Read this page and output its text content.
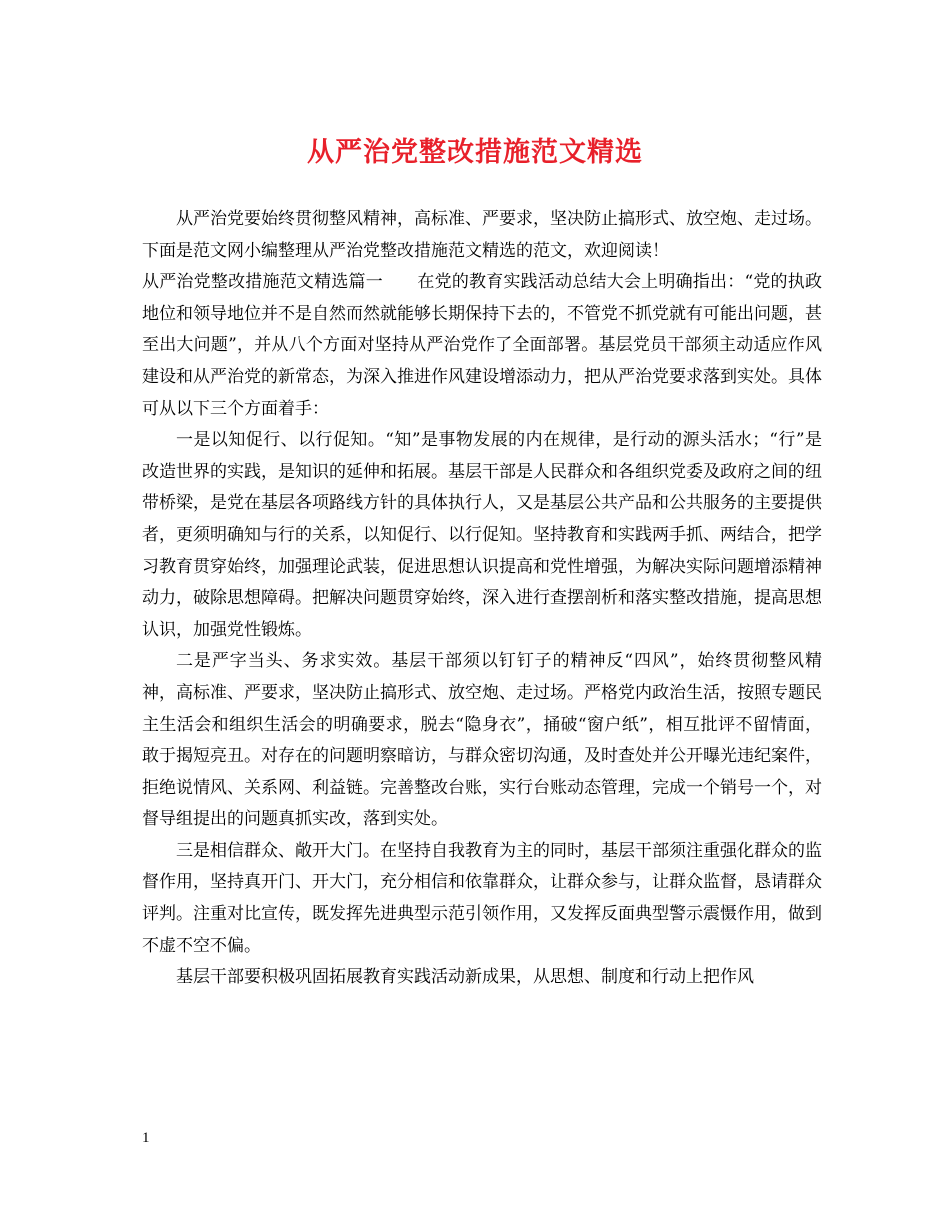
从严治党整改措施范文精选

从严治党要始终贯彻整风精神，高标准、严要求，坚决防止搞形式、放空炮、走过场。下面是范文网小编整理从严治党整改措施范文精选的范文，欢迎阅读！

从严治党整改措施范文精选篇一　　在党的教育实践活动总结大会上明确指出：“党的执政地位和领导地位并不是自然而然就能够长期保持下去的，不管党不抓党就有可能出问题，甚至出大问题”，并从八个方面对坚持从严治党作了全面部署。基层党员干部须主动适应作风建设和从严治党的新常态，为深入推进作风建设增添动力，把从严治党要求落到实处。具体可从以下三个方面着手：

一是以知促行、以行促知。“知”是事物发展的内在规律，是行动的源头活水；“行”是改造世界的实践，是知识的延伸和拓展。基层干部是人民群众和各组织党委及政府之间的纽带桥梁，是党在基层各项路线方针的具体执行人，又是基层公共产品和公共服务的主要提供者，更须明确知与行的关系，以知促行、以行促知。坚持教育和实践两手抓、两结合，把学习教育贯穿始终，加强理论武装，促进思想认识提高和党性增强，为解决实际问题增添精神动力，破除思想障碍。把解决问题贯穿始终，深入进行查摆剖析和落实整改措施，提高思想认识，加强党性锻炼。

二是严字当头、务求实效。基层干部须以钉钉子的精神反“四风”，始终贯彻整风精神，高标准、严要求，坚决防止搞形式、放空炮、走过场。严格党内政治生活，按照专题民主生活会和组织生活会的明确要求，脱去“隐身衣”，捅破“窗户纸”，相互批评不留情面，敢于揭短亮丑。对存在的问题明察暗访，与群众密切沟通，及时查处并公开曝光违纪案件，拒绝说情风、关系网、利益链。完善整改台账，实行台账动态管理，完成一个销号一个，对督导组提出的问题真抓实改，落到实处。

三是相信群众、敞开大门。在坚持自我教育为主的同时，基层干部须注重强化群众的监督作用，坚持真开门、开大门，充分相信和依靠群众，让群众参与，让群众监督，恳请群众评判。注重对比宣传，既发挥先进典型示范引领作用，又发挥反面典型警示震慑作用，做到不虚不空不偏。

基层干部要积极巩固拓展教育实践活动新成果，从思想、制度和行动上把作风

1
